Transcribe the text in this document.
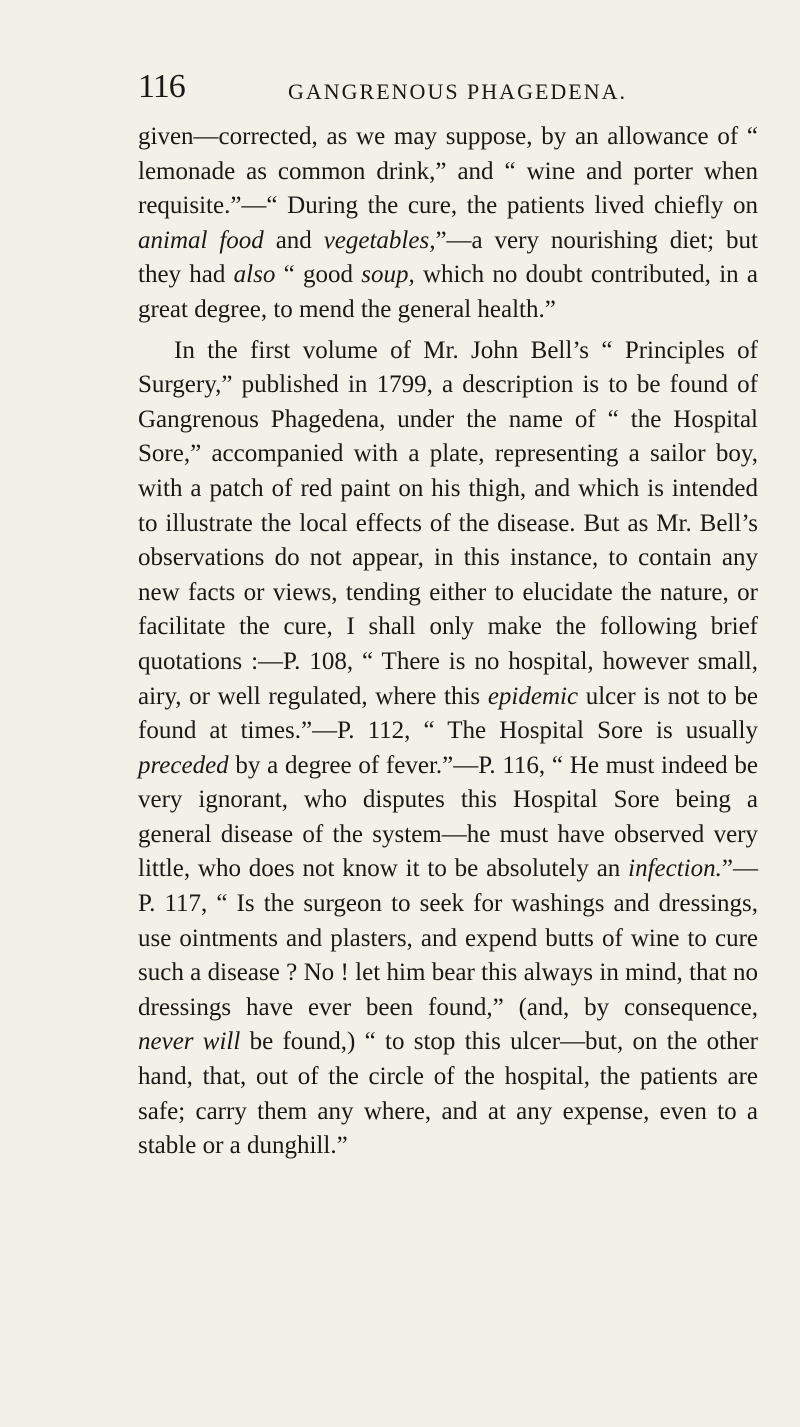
116	GANGRENOUS PHAGEDENA.

given—corrected, as we may suppose, by an allowance of “ lemonade as common drink,” and “ wine and porter when requisite.”—“ During the cure, the patients lived chiefly on animal food and vegetables,”—a very nourishing diet; but they had also “ good soup, which no doubt contributed, in a great degree, to mend the general health.”

In the first volume of Mr. John Bell’s “ Principles of Surgery,” published in 1799, a description is to be found of Gangrenous Phagedena, under the name of “ the Hospital Sore,” accompanied with a plate, representing a sailor boy, with a patch of red paint on his thigh, and which is intended to illustrate the local effects of the disease. But as Mr. Bell’s observations do not appear, in this instance, to contain any new facts or views, tending either to elucidate the nature, or facilitate the cure, I shall only make the following brief quotations :—P. 108, “ There is no hospital, however small, airy, or well regulated, where this epidemic ulcer is not to be found at times.”—P. 112, “ The Hospital Sore is usually preceded by a degree of fever.”—P. 116, “ He must indeed be very ignorant, who disputes this Hospital Sore being a general disease of the system—he must have observed very little, who does not know it to be absolutely an infection.”—P. 117, “ Is the surgeon to seek for washings and dressings, use ointments and plasters, and expend butts of wine to cure such a disease ? No ! let him bear this always in mind, that no dressings have ever been found,” (and, by consequence, never will be found,) “ to stop this ulcer—but, on the other hand, that, out of the circle of the hospital, the patients are safe; carry them any where, and at any expense, even to a stable or a dunghill.”
